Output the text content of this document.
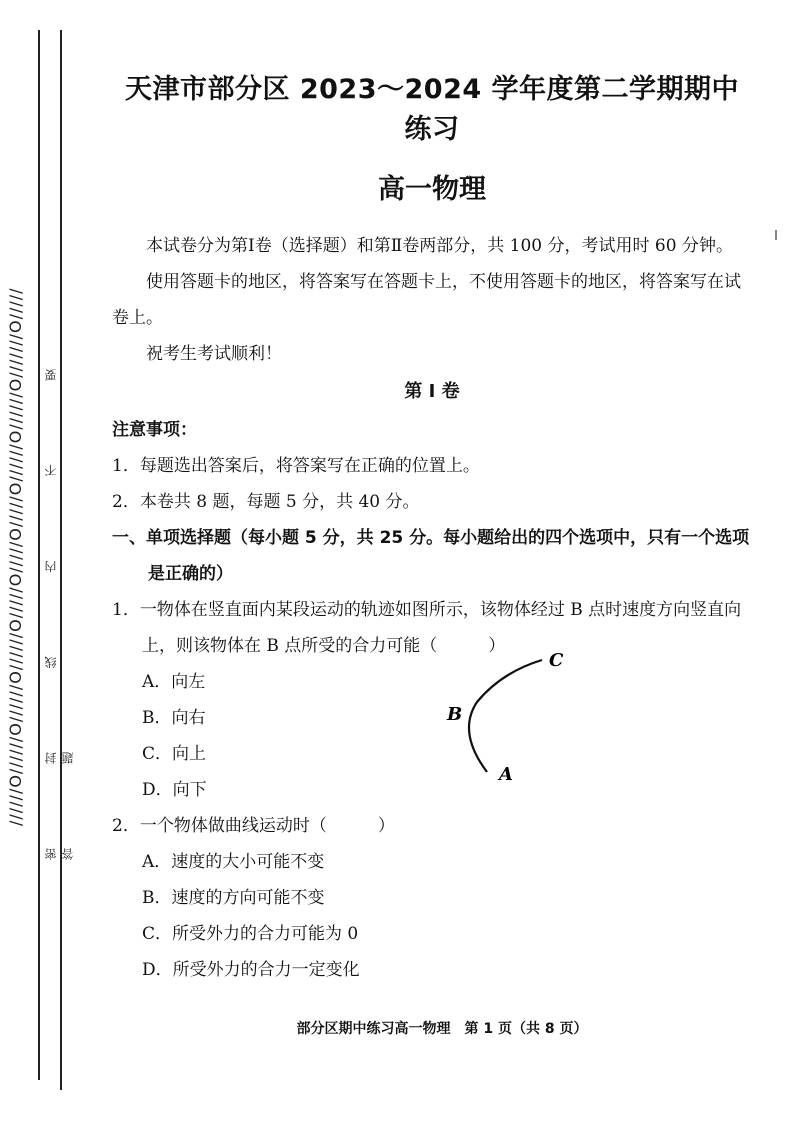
//////O//////O//////O//////O/////O/////O/////O//////O//////O///////O/////	密 封 线 内 不 要 答 题
天津市部分区 2023～2024 学年度第二学期期中练习
高一物理

本试卷分为第Ⅰ卷（选择题）和第Ⅱ卷两部分，共 100 分，考试用时 60 分钟。

使用答题卡的地区，将答案写在答题卡上，不使用答题卡的地区，将答案写在试卷上。

祝考生考试顺利！

第 Ⅰ 卷

注意事项：

1．每题选出答案后，将答案写在正确的位置上。

2．本卷共 8 题，每题 5 分，共 40 分。

一、单项选择题（每小题 5 分，共 25 分。每小题给出的四个选项中，只有一个选项是正确的）

1．一物体在竖直面内某段运动的轨迹如图所示，该物体经过 B 点时速度方向竖直向上，则该物体在 B 点所受的合力可能（　　　）

A．向左

B．向右

C．向上

D．向下

C
B
A

2．一个物体做曲线运动时（　　　）

A．速度的大小可能不变

B．速度的方向可能不变

C．所受外力的合力可能为 0

D．所受外力的合力一定变化

部分区期中练习高一物理　第 1 页（共 8 页）
